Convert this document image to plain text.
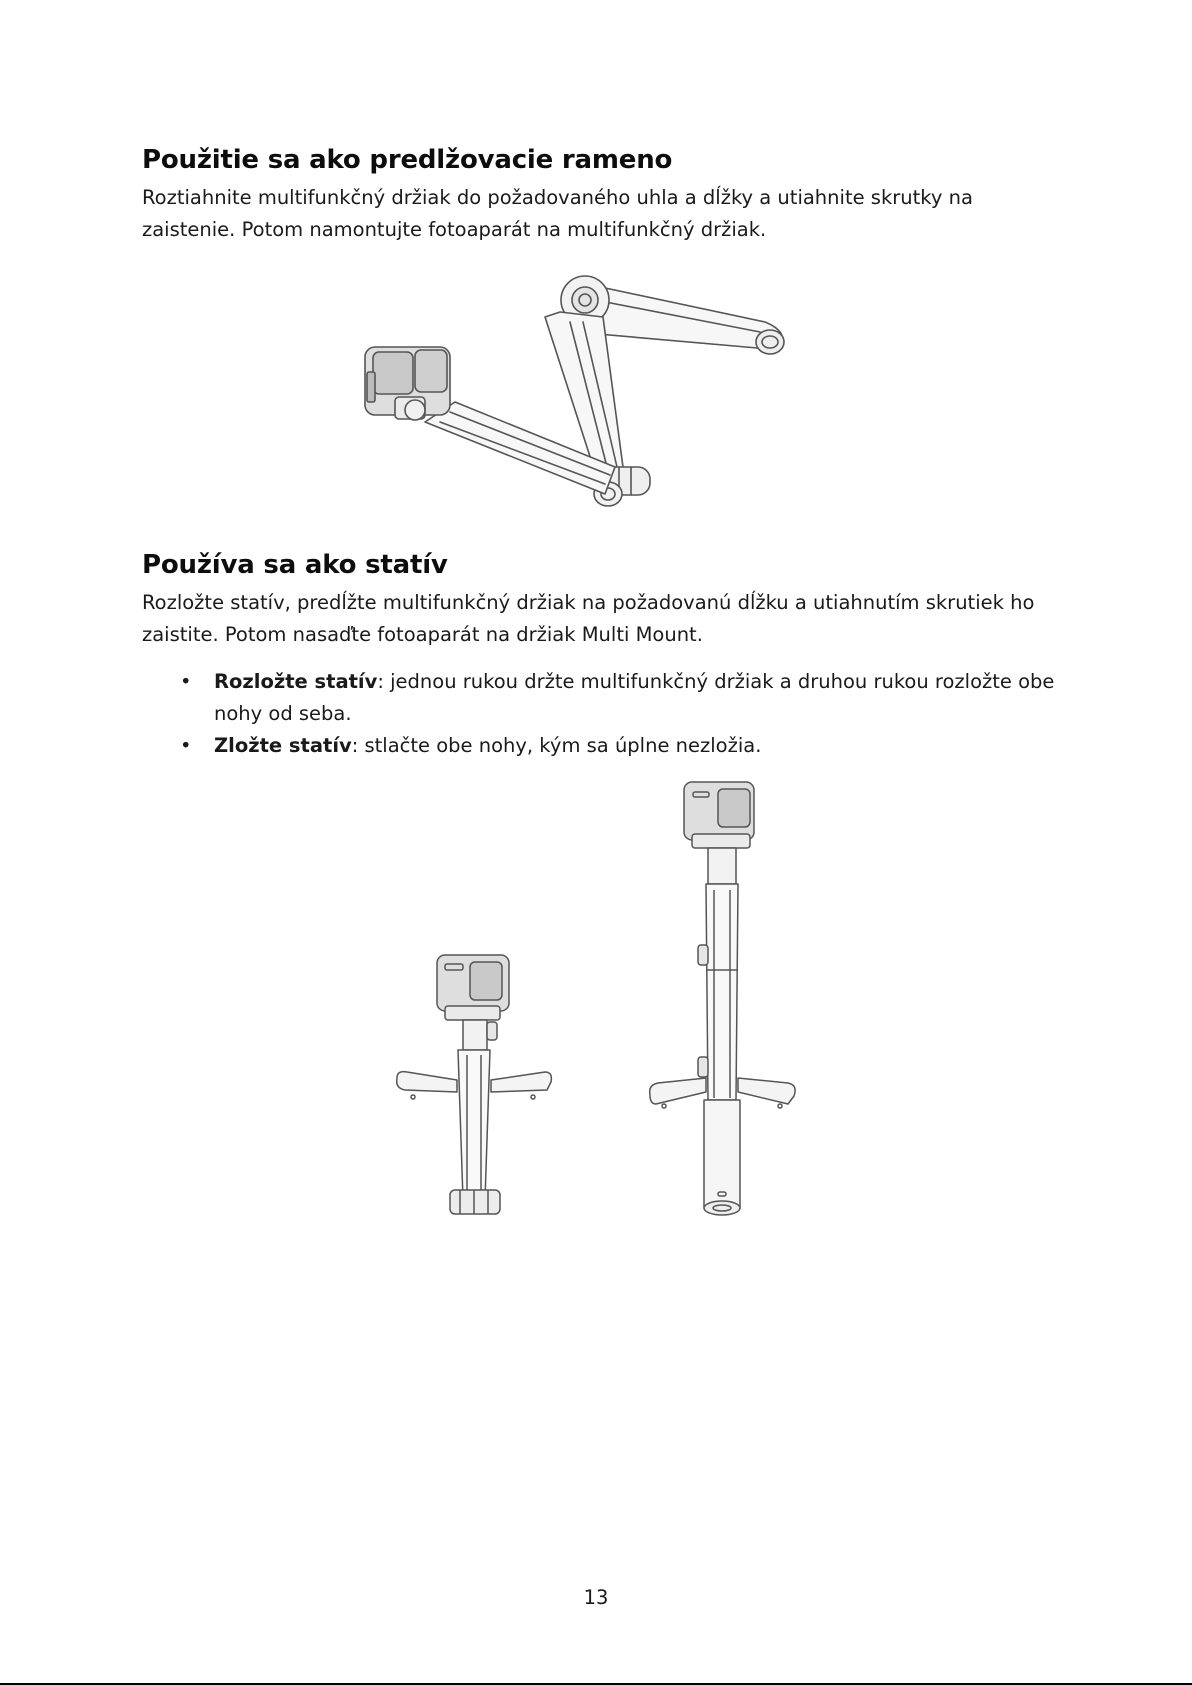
Použitie sa ako predlžovacie rameno

Roztiahnite multifunkčný držiak do požadovaného uhla a dĺžky a utiahnite skrutky na
zaistenie. Potom namontujte fotoaparát na multifunkčný držiak.

Používa sa ako statív

Rozložte statív, predĺžte multifunkčný držiak na požadovanú dĺžku a utiahnutím skrutiek ho
zaistite. Potom nasaďte fotoaparát na držiak Multi Mount.

• Rozložte statív: jednou rukou držte multifunkčný držiak a druhou rukou rozložte obe nohy od seba.
• Zložte statív: stlačte obe nohy, kým sa úplne nezložia.
13
